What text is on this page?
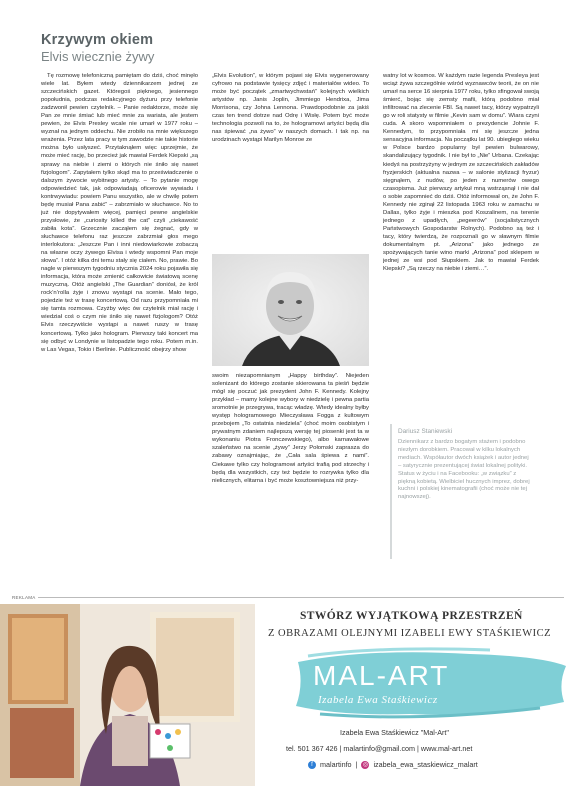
Krzywym okiem
Elvis wiecznie żywy

Tę rozmowę telefoniczną pamiętam do dziś, choć minęło wiele lat. Byłem wtedy dziennikarzem jednej ze szczecińskich gazet. Któregoś pięknego, jesiennego popołudnia, podczas redakcyjnego dyżuru przy telefonie zadzwonił pewien czytelnik. – Panie redaktorze, może się Pan ze mnie śmiać lub mieć mnie za wariata, ale jestem pewien, że Elvis Presley wcale nie umarł w 1977 roku – wyznał na jednym oddechu. Nie zrobiło na mnie większego wrażenia. Przez lata pracy w tym zawodzie nie takie historie można było usłyszeć. Przytaknąłem więc uprzejmie, że może mieć rację, bo przecież jak mawiał Ferdek Kiepski „są sprawy na niebie i ziemi o których nie śniło się nawet fizjologom”. Zapytałem tylko skąd ma to przeświadczenie o dalszym żywocie wybitnego artysty. – To pytanie mogę odpowiedzieć tak, jak odpowiadają oficerowie wywiadu i kontrwywiadu: powiem Panu wszystko, ale w chwilę potem będę musiał Pana zabić” – zabrzmiało w słuchawce. No to już nie dopytywałem więcej, pamięci pewne angielskie przysłowie, że „curiosity killed the cat” czyli „ciekawość zabiła kota”. Grzecznie zacząłem się żegnać, gdy w słuchawce telefonu raz jeszcze zabrzmiał głos mego interlokutora: „Jeszcze Pan i inni niedowiarkowie zobaczą na własne oczy żywego Elvisa i wtedy wspomni Pan moje słowa”. I otóż kilka dni temu stały się ciałem. No, prawie. Bo nagle w pierwszym tygodniu stycznia 2024 roku pojawiła się informacja, która może zmienić całkowicie światową scenę muzyczną. Otóż angielski „The Guardian” doniósł, że król rock’n’rolla żyje i znowu wystąpi na scenie. Mało tego, pojedzie też w trasę koncertową. Od razu przypomniała mi się tamta rozmowa. Czyżby więc ów czytelnik miał rację i wiedział coś o czym nie śniło się nawet fizjologom? Otóż Elvis rzeczywiście wystąpi a nawet ruszy w trasę koncertową. Tylko jako hologram. Pierwszy taki koncert ma się odbyć w Londynie w listopadzie tego roku. Potem m.in. w Las Vegas, Tokio i Berlinie. Publiczność obejrzy show

„Elvis Evolution”, w którym pojawi się Elvis wygenerowany cyfrowo na podstawie tysięcy zdjęć i materiałów wideo. To może być początek „zmartwychwstań” kolejnych wielkich artystów np. Janis Joplin, Jimmiego Hendrixa, Jima Morrisona, czy Johna Lennona. Prawdopodobnie za jakiś czas ten trend dotrze nad Odrę i Wisłę. Potem być może technologia pozwoli na to, że hologramowi artyści będą dla nas śpiewać „na żywo” w naszych domach. I tak np. na urodzinach wystąpi Marilyn Monroe ze

swoim niezapomnianym „Happy birthday”. Niejeden solenizant do którego zostanie skierowana ta pieśń będzie mógł się poczuć jak prezydent John F. Kennedy. Kolejny przykład – mamy kolejne wybory w niedzielę i pewna partia sromotnie je przegrywa, tracąc władzę. Wtedy idealny byłby występ hologramowego Mieczysława Fogga z kultowym przebojem „To ostatnia niedziela” (choć moim osobistym i prywatnym zdaniem najlepszą wersję tej piosenki jest ta w wykonaniu Piotra Fronczewskiego), albo karnawałowe szaleństwo na scenie „żywy” Jerzy Połomski zaprasza do zabawy oznajmiając, że „Cała sala śpiewa z nami”. Ciekawe tylko czy hologramowi artyści trafią pod strzechy i będą dla wszystkich, czy też będzie to rozrywka tylko dla nielicznych, elitarna i być może kosztowniejsza niż przy-

watny lot w kosmos. W każdym razie legenda Presleya jest wciąż żywa szczególnie wśród wyznawców teorii, że on nie umarł na serce 16 sierpnia 1977 roku, tylko sfingował swoją śmierć, bojąc się zemsty mafii, którą podobno miał infiltrować na zlecenie FBI. Są nawet tacy, którzy wypatrzyli go w roli statysty w filmie „Kevin sam w domu”. Wiara czyni cuda. A skoro wspomniałem o prezydencie Johnie F. Kennedym, to przypomniała mi się jeszcze jedna sensacyjna informacja. Na początku lat 90. ubiegłego wieku w Polsce bardzo popularny był pewien bulwarowy, skandalizujący tygodnik. I nie był to „Nie” Urbana. Czekając kiedyś na postrzyżyny w jednym ze szczecińskich zakładów fryzjerskich (aktualna nazwa – w salonie stylizacji fryzur) sięgnąłem, z nudów, po jeden z numerów owego czasopisma. Już pierwszy artykuł mną wstrząsnął i nie dał o sobie zapomnieć do dziś. Otóż informował on, że John F. Kennedy nie zginął 22 listopada 1963 roku w zamachu w Dallas, tylko żyje i mieszka pod Koszalinem, na terenie jednego z upadłych, „pegeerów” (socjalistycznych Państwowych Gospodarstw Rolnych). Podobno są też i tacy, który twierdzą, że rozpoznali go w sławnym filmie dokumentalnym pt. „Arizona” jako jednego ze spożywających tanie wino marki „Arizona” pod sklepem w jednej ze wsi pod Słupskiem. Jak to mawiał Ferdek Kiepski? „Są rzeczy na niebie i ziemi…”.

Dariusz Staniewski
Dziennikarz z bardzo bogatym stażem i podobno niezłym dorobkiem. Pracował w kilku lokalnych mediach. Współautor dwóch książek i autor jednej – satyrycznie prezentującej świat lokalnej polityki. Status w życiu i na Facebooku: „w związku” z piękną kobietą. Wielbiciel hucznych imprez, dobrej kuchni i polskiej kinematografii (choć może nie tej najnowszej).
REKLAMA
STWÓRZ WYJĄTKOWĄ PRZESTRZEŃ
Z OBRAZAMI OLEJNYMI IZABELI EWY STAŚKIEWICZ
MAL-ART
Izabela Ewa Staśkiewicz
Izabela Ewa Staśkiewicz "Mal-Art"
tel. 501 367 426 | malartinfo@gmail.com | www.mal-art.net
f malartinfo | ◎ izabela_ewa_staskiewicz_malart
